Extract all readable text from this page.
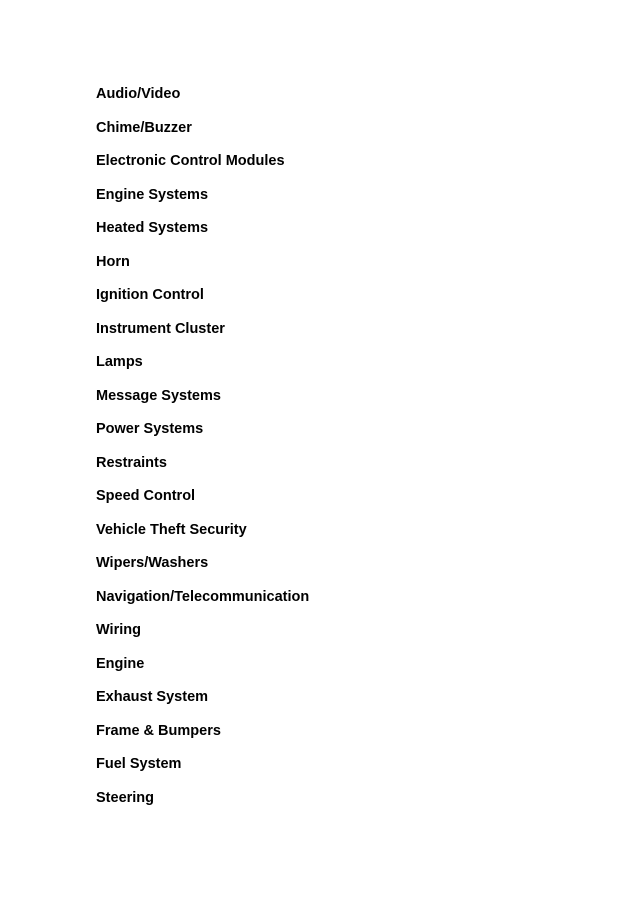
Audio/Video
Chime/Buzzer
Electronic Control Modules
Engine Systems
Heated Systems
Horn
Ignition Control
Instrument Cluster
Lamps
Message Systems
Power Systems
Restraints
Speed Control
Vehicle Theft Security
Wipers/Washers
Navigation/Telecommunication
Wiring
Engine
Exhaust System
Frame & Bumpers
Fuel System
Steering
